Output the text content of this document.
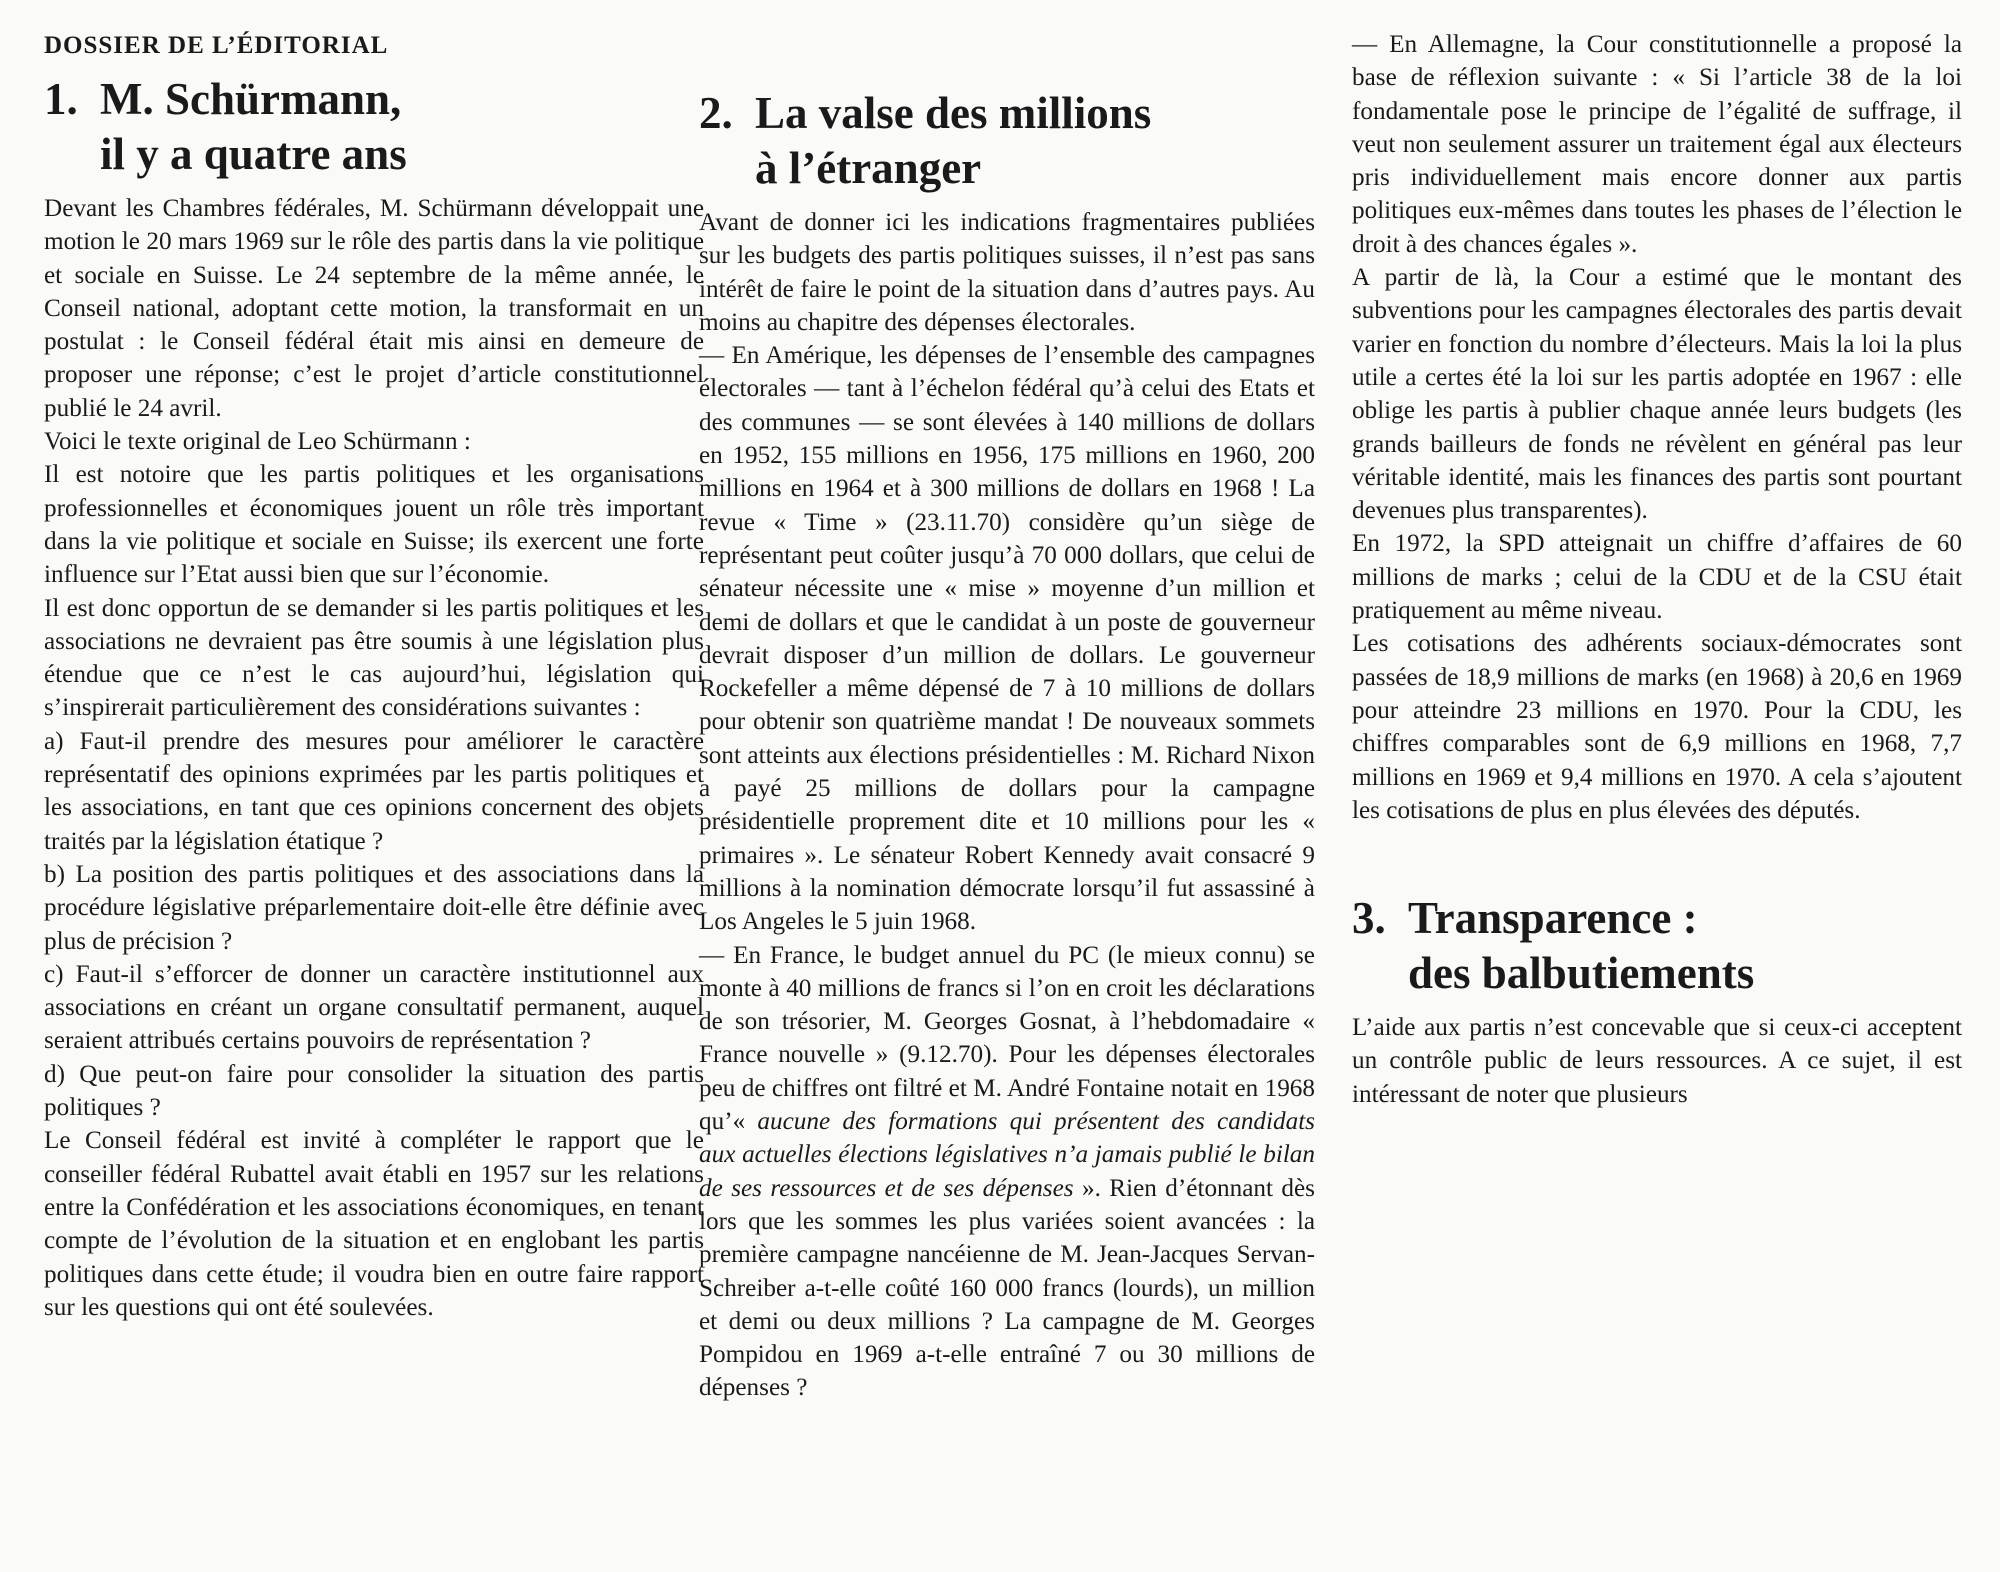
DOSSIER DE L’ÉDITORIAL

1. M. Schürmann,
il y a quatre ans

Devant les Chambres fédérales, M. Schürmann développait une motion le 20 mars 1969 sur le rôle des partis dans la vie politique et sociale en Suisse. Le 24 septembre de la même année, le Conseil national, adoptant cette motion, la transformait en un postulat : le Conseil fédéral était mis ainsi en demeure de proposer une réponse; c’est le projet d’article constitutionnel publié le 24 avril.

Voici le texte original de Leo Schürmann :

Il est notoire que les partis politiques et les organisations professionnelles et économiques jouent un rôle très important dans la vie politique et sociale en Suisse; ils exercent une forte influence sur l’Etat aussi bien que sur l’économie.

Il est donc opportun de se demander si les partis politiques et les associations ne devraient pas être soumis à une législation plus étendue que ce n’est le cas aujourd’hui, législation qui s’inspirerait particulièrement des considérations suivantes :

a) Faut-il prendre des mesures pour améliorer le caractère représentatif des opinions exprimées par les partis politiques et les associations, en tant que ces opinions concernent des objets traités par la législation étatique ?

b) La position des partis politiques et des associations dans la procédure législative préparlementaire doit-elle être définie avec plus de précision ?

c) Faut-il s’efforcer de donner un caractère institutionnel aux associations en créant un organe consultatif permanent, auquel seraient attribués certains pouvoirs de représentation ?

d) Que peut-on faire pour consolider la situation des partis politiques ?

Le Conseil fédéral est invité à compléter le rapport que le conseiller fédéral Rubattel avait établi en 1957 sur les relations entre la Confédération et les associations économiques, en tenant compte de l’évolution de la situation et en englobant les partis politiques dans cette étude; il voudra bien en outre faire rapport sur les questions qui ont été soulevées.

2. La valse des millions
à l’étranger

Avant de donner ici les indications fragmentaires publiées sur les budgets des partis politiques suisses, il n’est pas sans intérêt de faire le point de la situation dans d’autres pays. Au moins au chapitre des dépenses électorales.

— En Amérique, les dépenses de l’ensemble des campagnes électorales — tant à l’échelon fédéral qu’à celui des Etats et des communes — se sont élevées à 140 millions de dollars en 1952, 155 millions en 1956, 175 millions en 1960, 200 millions en 1964 et à 300 millions de dollars en 1968 ! La revue « Time » (23.11.70) considère qu’un siège de représentant peut coûter jusqu’à 70 000 dollars, que celui de sénateur nécessite une « mise » moyenne d’un million et demi de dollars et que le candidat à un poste de gouverneur devrait disposer d’un million de dollars. Le gouverneur Rockefeller a même dépensé de 7 à 10 millions de dollars pour obtenir son quatrième mandat ! De nouveaux sommets sont atteints aux élections présidentielles : M. Richard Nixon a payé 25 millions de dollars pour la campagne présidentielle proprement dite et 10 millions pour les « primaires ». Le sénateur Robert Kennedy avait consacré 9 millions à la nomination démocrate lorsqu’il fut assassiné à Los Angeles le 5 juin 1968.

— En France, le budget annuel du PC (le mieux connu) se monte à 40 millions de francs si l’on en croit les déclarations de son trésorier, M. Georges Gosnat, à l’hebdomadaire « France nouvelle » (9.12.70). Pour les dépenses électorales peu de chiffres ont filtré et M. André Fontaine notait en 1968 qu’« aucune des formations qui présentent des candidats aux actuelles élections législatives n’a jamais publié le bilan de ses ressources et de ses dépenses ». Rien d’étonnant dès lors que les sommes les plus variées soient avancées : la première campagne nancéienne de M. Jean-Jacques Servan-Schreiber a-t-elle coûté 160 000 francs (lourds), un million et demi ou deux millions ? La campagne de M. Georges Pompidou en 1969 a-t-elle entraîné 7 ou 30 millions de dépenses ?

— En Allemagne, la Cour constitutionnelle a proposé la base de réflexion suivante : « Si l’article 38 de la loi fondamentale pose le principe de l’égalité de suffrage, il veut non seulement assurer un traitement égal aux électeurs pris individuellement mais encore donner aux partis politiques eux-mêmes dans toutes les phases de l’élection le droit à des chances égales ».

A partir de là, la Cour a estimé que le montant des subventions pour les campagnes électorales des partis devait varier en fonction du nombre d’électeurs. Mais la loi la plus utile a certes été la loi sur les partis adoptée en 1967 : elle oblige les partis à publier chaque année leurs budgets (les grands bailleurs de fonds ne révèlent en général pas leur véritable identité, mais les finances des partis sont pourtant devenues plus transparentes).

En 1972, la SPD atteignait un chiffre d’affaires de 60 millions de marks ; celui de la CDU et de la CSU était pratiquement au même niveau.

Les cotisations des adhérents sociaux-démocrates sont passées de 18,9 millions de marks (en 1968) à 20,6 en 1969 pour atteindre 23 millions en 1970. Pour la CDU, les chiffres comparables sont de 6,9 millions en 1968, 7,7 millions en 1969 et 9,4 millions en 1970. A cela s’ajoutent les cotisations de plus en plus élevées des députés.

3. Transparence :
des balbutiements

L’aide aux partis n’est concevable que si ceux-ci acceptent un contrôle public de leurs ressources. A ce sujet, il est intéressant de noter que plusieurs
